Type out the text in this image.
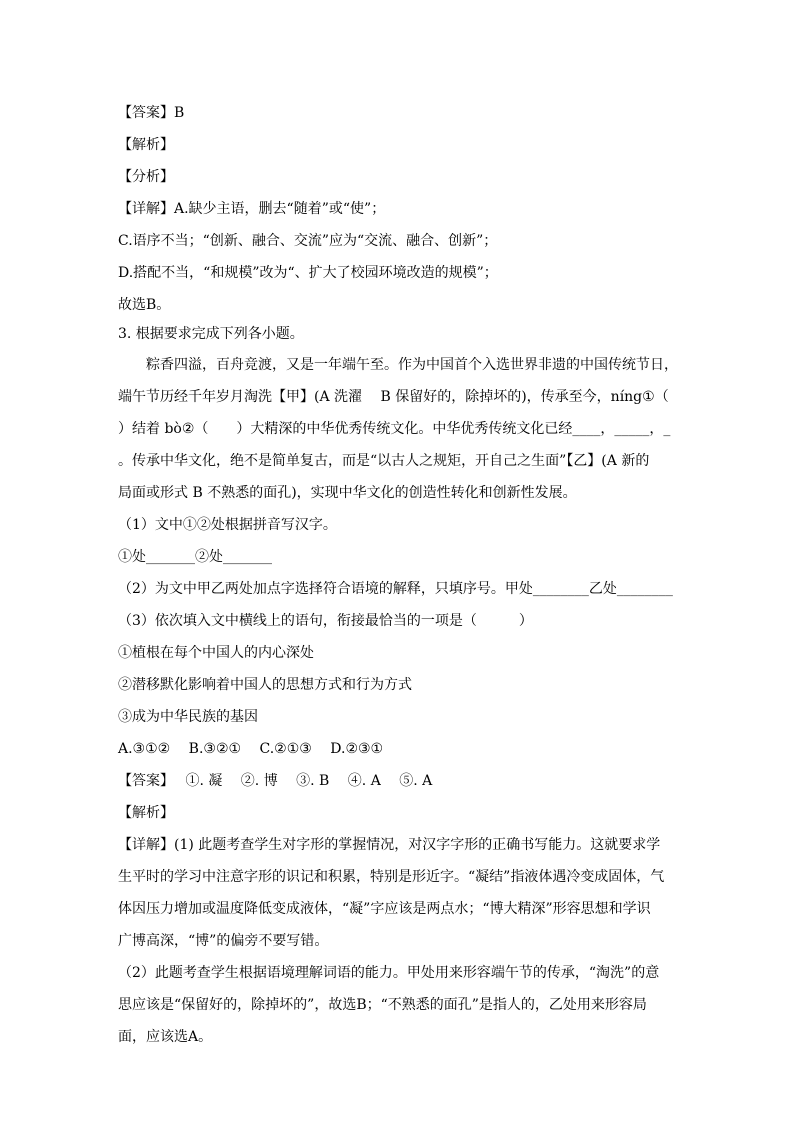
【答案】B
【解析】
【分析】
【详解】A.缺少主语，删去“随着”或“使”；
C.语序不当；“创新、融合、交流”应为“交流、融合、创新”；
D.搭配不当，“和规模”改为“、扩大了校园环境改造的规模”；
故选B。
3. 根据要求完成下列各小题。
粽香四溢，百舟竞渡，又是一年端午至。作为中国首个入选世界非遗的中国传统节日，
端午节历经千年岁月淘洗【甲】(A 洗濯　 B 保留好的，除掉坏的)，传承至今，níng①（
）结着 bò②（　　）大精深的中华优秀传统文化。中华优秀传统文化已经____，_____，_
。传承中华文化，绝不是简单复古，而是“以古人之规矩，开自己之生面”【乙】(A 新的
局面或形式 B 不熟悉的面孔)，实现中华文化的创造性转化和创新性发展。
（1）文中①②处根据拼音写汉字。
①处_______②处_______
（2）为文中甲乙两处加点字选择符合语境的解释，只填序号。甲处________乙处________
（3）依次填入文中横线上的语句，衔接最恰当的一项是（　　　）
①植根在每个中国人的内心深处
②潜移默化影响着中国人的思想方式和行为方式
③成为中华民族的基因
A.③①②　 B.③②①　 C.②①③　 D.②③①
【答案】　 ①. 凝　 ②. 博　 ③. B　 ④. A　 ⑤. A
【解析】
【详解】(1) 此题考查学生对字形的掌握情况，对汉字字形的正确书写能力。这就要求学
生平时的学习中注意字形的识记和积累，特别是形近字。“凝结”指液体遇冷变成固体，气
体因压力增加或温度降低变成液体，“凝”字应该是两点水；“博大精深”形容思想和学识
广博高深，“博”的偏旁不要写错。
（2）此题考查学生根据语境理解词语的能力。甲处用来形容端午节的传承，“淘洗”的意
思应该是“保留好的，除掉坏的”，故选B；“不熟悉的面孔”是指人的，乙处用来形容局
面，应该选A。
